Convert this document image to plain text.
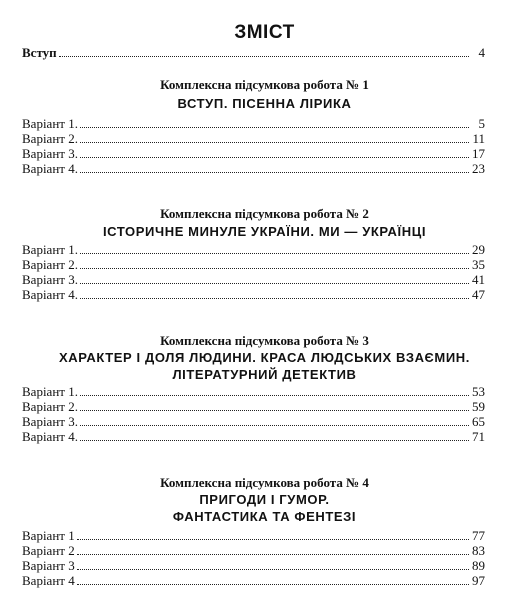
ЗМІСТ
Вступ	4
Комплексна підсумкова робота № 1
ВСТУП. ПІСЕННА ЛІРИКА
Варіант 1.	5
Варіант 2.	11
Варіант 3.	17
Варіант 4.	23
Комплексна підсумкова робота № 2
ІСТОРИЧНЕ МИНУЛЕ УКРАЇНИ. МИ — УКРАЇНЦІ
Варіант 1.	29
Варіант 2.	35
Варіант 3.	41
Варіант 4.	47
Комплексна підсумкова робота № 3
ХАРАКТЕР І ДОЛЯ ЛЮДИНИ. КРАСА ЛЮДСЬКИХ ВЗАЄМИН.
ЛІТЕРАТУРНИЙ ДЕТЕКТИВ
Варіант 1.	53
Варіант 2.	59
Варіант 3.	65
Варіант 4.	71
Комплексна підсумкова робота № 4
ПРИГОДИ І ГУМОР.
ФАНТАСТИКА ТА ФЕНТЕЗІ
Варіант 1	77
Варіант 2	83
Варіант 3	89
Варіант 4	97
